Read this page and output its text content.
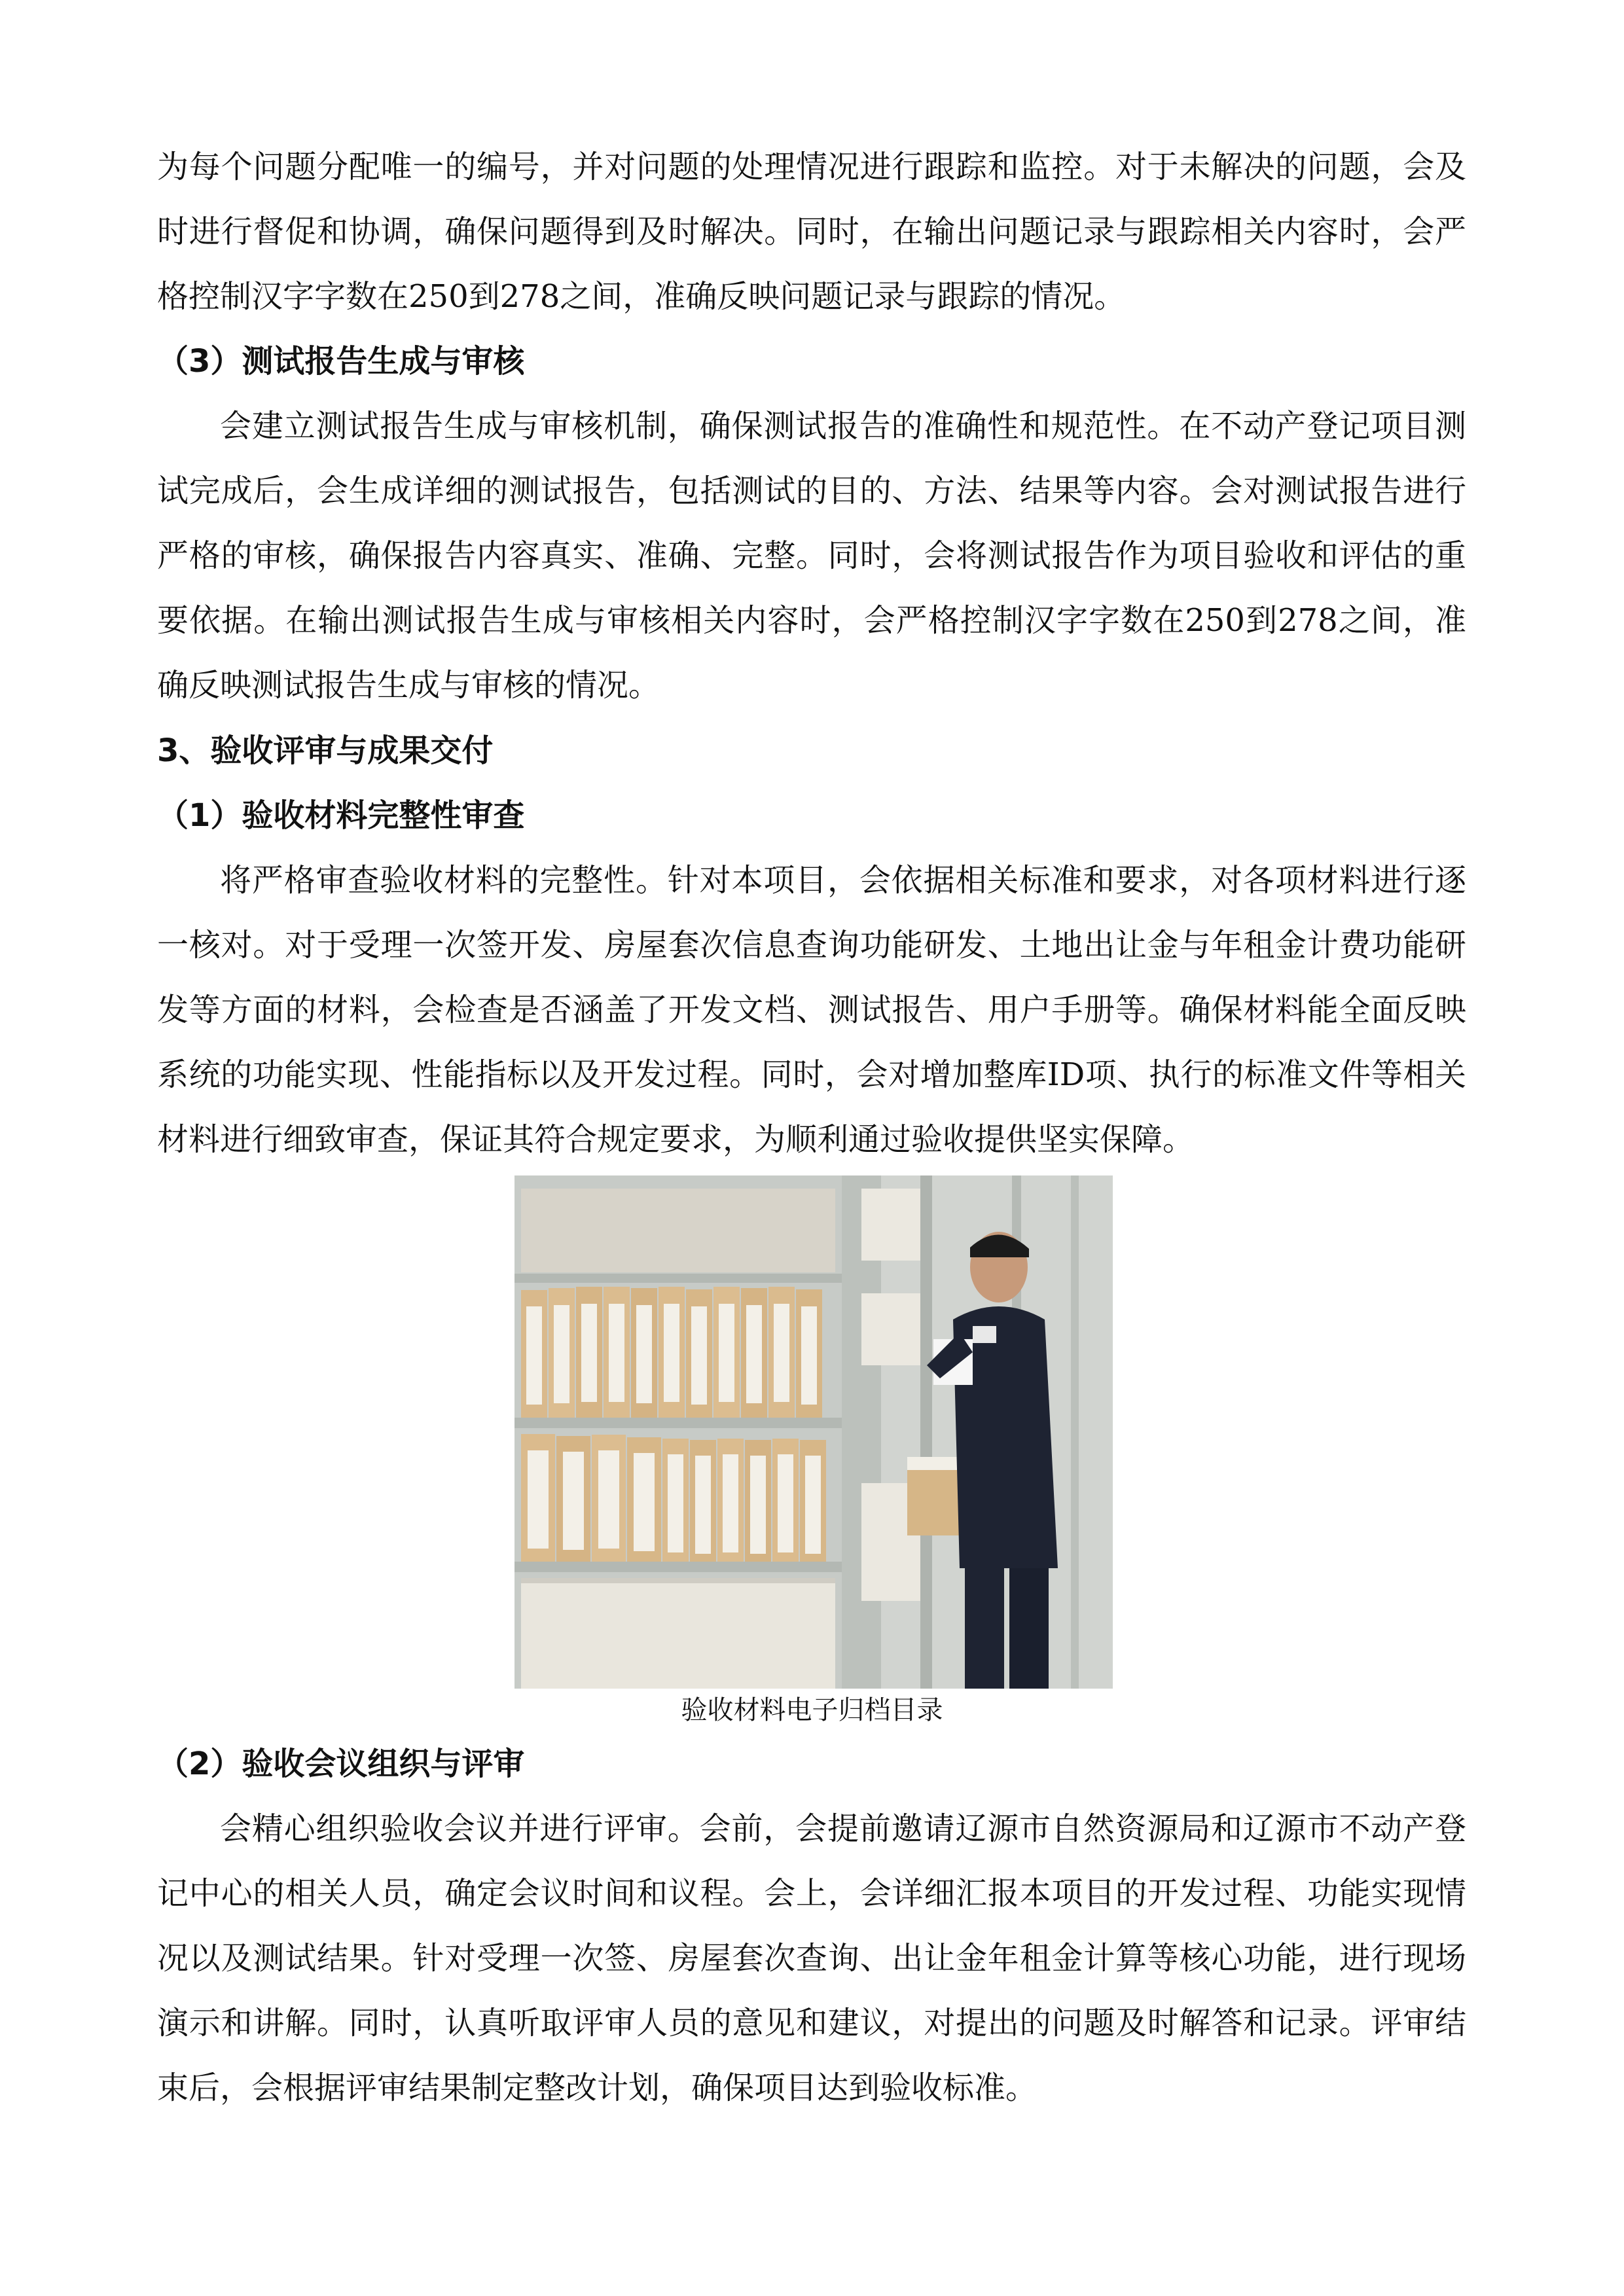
为每个问题分配唯一的编号，并对问题的处理情况进行跟踪和监控。对于未解决的问题，会及时进行督促和协调，确保问题得到及时解决。同时，在输出问题记录与跟踪相关内容时，会严格控制汉字字数在250到278之间，准确反映问题记录与跟踪的情况。
（3）测试报告生成与审核
会建立测试报告生成与审核机制，确保测试报告的准确性和规范性。在不动产登记项目测试完成后，会生成详细的测试报告，包括测试的目的、方法、结果等内容。会对测试报告进行严格的审核，确保报告内容真实、准确、完整。同时，会将测试报告作为项目验收和评估的重要依据。在输出测试报告生成与审核相关内容时，会严格控制汉字字数在250到278之间，准确反映测试报告生成与审核的情况。
3、验收评审与成果交付
（1）验收材料完整性审查
将严格审查验收材料的完整性。针对本项目，会依据相关标准和要求，对各项材料进行逐一核对。对于受理一次签开发、房屋套次信息查询功能研发、土地出让金与年租金计费功能研发等方面的材料，会检查是否涵盖了开发文档、测试报告、用户手册等。确保材料能全面反映系统的功能实现、性能指标以及开发过程。同时，会对增加整库ID项、执行的标准文件等相关材料进行细致审查，保证其符合规定要求，为顺利通过验收提供坚实保障。
验收材料电子归档目录
（2）验收会议组织与评审
会精心组织验收会议并进行评审。会前，会提前邀请辽源市自然资源局和辽源市不动产登记中心的相关人员，确定会议时间和议程。会上，会详细汇报本项目的开发过程、功能实现情况以及测试结果。针对受理一次签、房屋套次查询、出让金年租金计算等核心功能，进行现场演示和讲解。同时，认真听取评审人员的意见和建议，对提出的问题及时解答和记录。评审结束后，会根据评审结果制定整改计划，确保项目达到验收标准。
